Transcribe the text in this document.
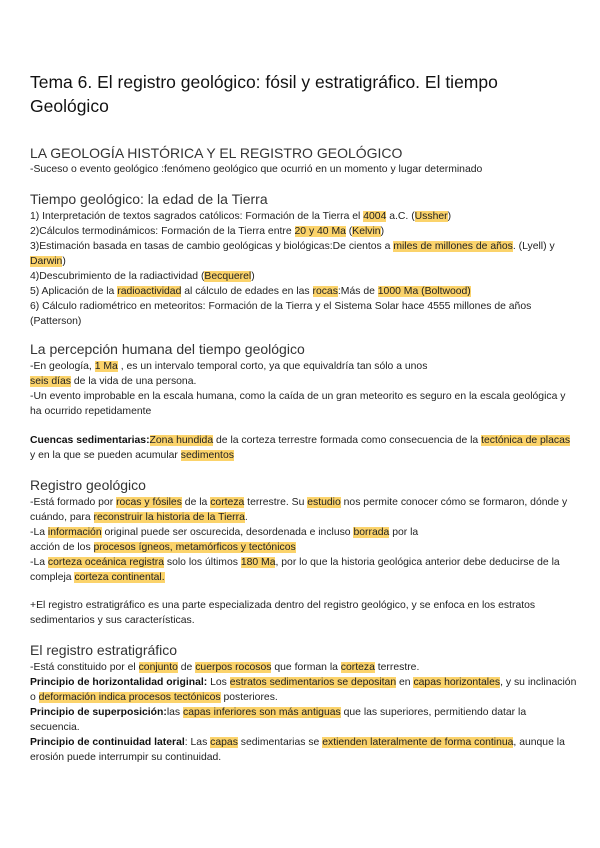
Tema 6. El registro geológico: fósil y estratigráfico. El tiempo Geológico
LA GEOLOGÍA HISTÓRICA Y EL REGISTRO GEOLÓGICO

-Suceso o evento geológico :fenómeno geológico que ocurrió en un momento y lugar determinado

Tiempo geológico: la edad de la Tierra

1) Interpretación de textos sagrados católicos: Formación de la Tierra el 4004 a.C. (Ussher)

2)Cálculos termodinámicos: Formación de la Tierra entre 20 y 40 Ma (Kelvin)

3)Estimación basada en tasas de cambio geológicas y biológicas:De cientos a miles de millones de años. (Lyell) y Darwin)

4)Descubrimiento de la radiactividad (Becquerel)

5) Aplicación de la radioactividad al cálculo de edades en las rocas:Más de 1000 Ma (Boltwood)

6) Cálculo radiométrico en meteoritos: Formación de la Tierra y el Sistema Solar hace 4555 millones de años (Patterson)

La percepción humana del tiempo geológico

-En geología, 1 Ma , es un intervalo temporal corto, ya que equivaldría tan sólo a unos
seis días de la vida de una persona.

-Un evento improbable en la escala humana, como la caída de un gran meteorito es seguro en la escala geológica y ha ocurrido repetidamente

Cuencas sedimentarias:Zona hundida de la corteza terrestre formada como consecuencia de la tectónica de placas y en la que se pueden acumular sedimentos

Registro geológico

-Está formado por rocas y fósiles de la corteza terrestre. Su estudio nos permite conocer cómo se formaron, dónde y cuándo, para reconstruir la historia de la Tierra.

-La información original puede ser oscurecida, desordenada e incluso borrada por la
acción de los procesos ígneos, metamórficos y tectónicos

-La corteza oceánica registra solo los últimos 180 Ma, por lo que la historia geológica anterior debe deducirse de la compleja corteza continental.

+El registro estratigráfico es una parte especializada dentro del registro geológico, y se enfoca en los estratos sedimentarios y sus características.

El registro estratigráfico

-Está constituido por el conjunto de cuerpos rocosos que forman la corteza terrestre.

Principio de horizontalidad original: Los estratos sedimentarios se depositan en capas horizontales, y su inclinación o deformación indica procesos tectónicos posteriores.

Principio de superposición:las capas inferiores son más antiguas que las superiores, permitiendo datar la secuencia.

Principio de continuidad lateral: Las capas sedimentarias se extienden lateralmente de forma continua, aunque la erosión puede interrumpir su continuidad.
